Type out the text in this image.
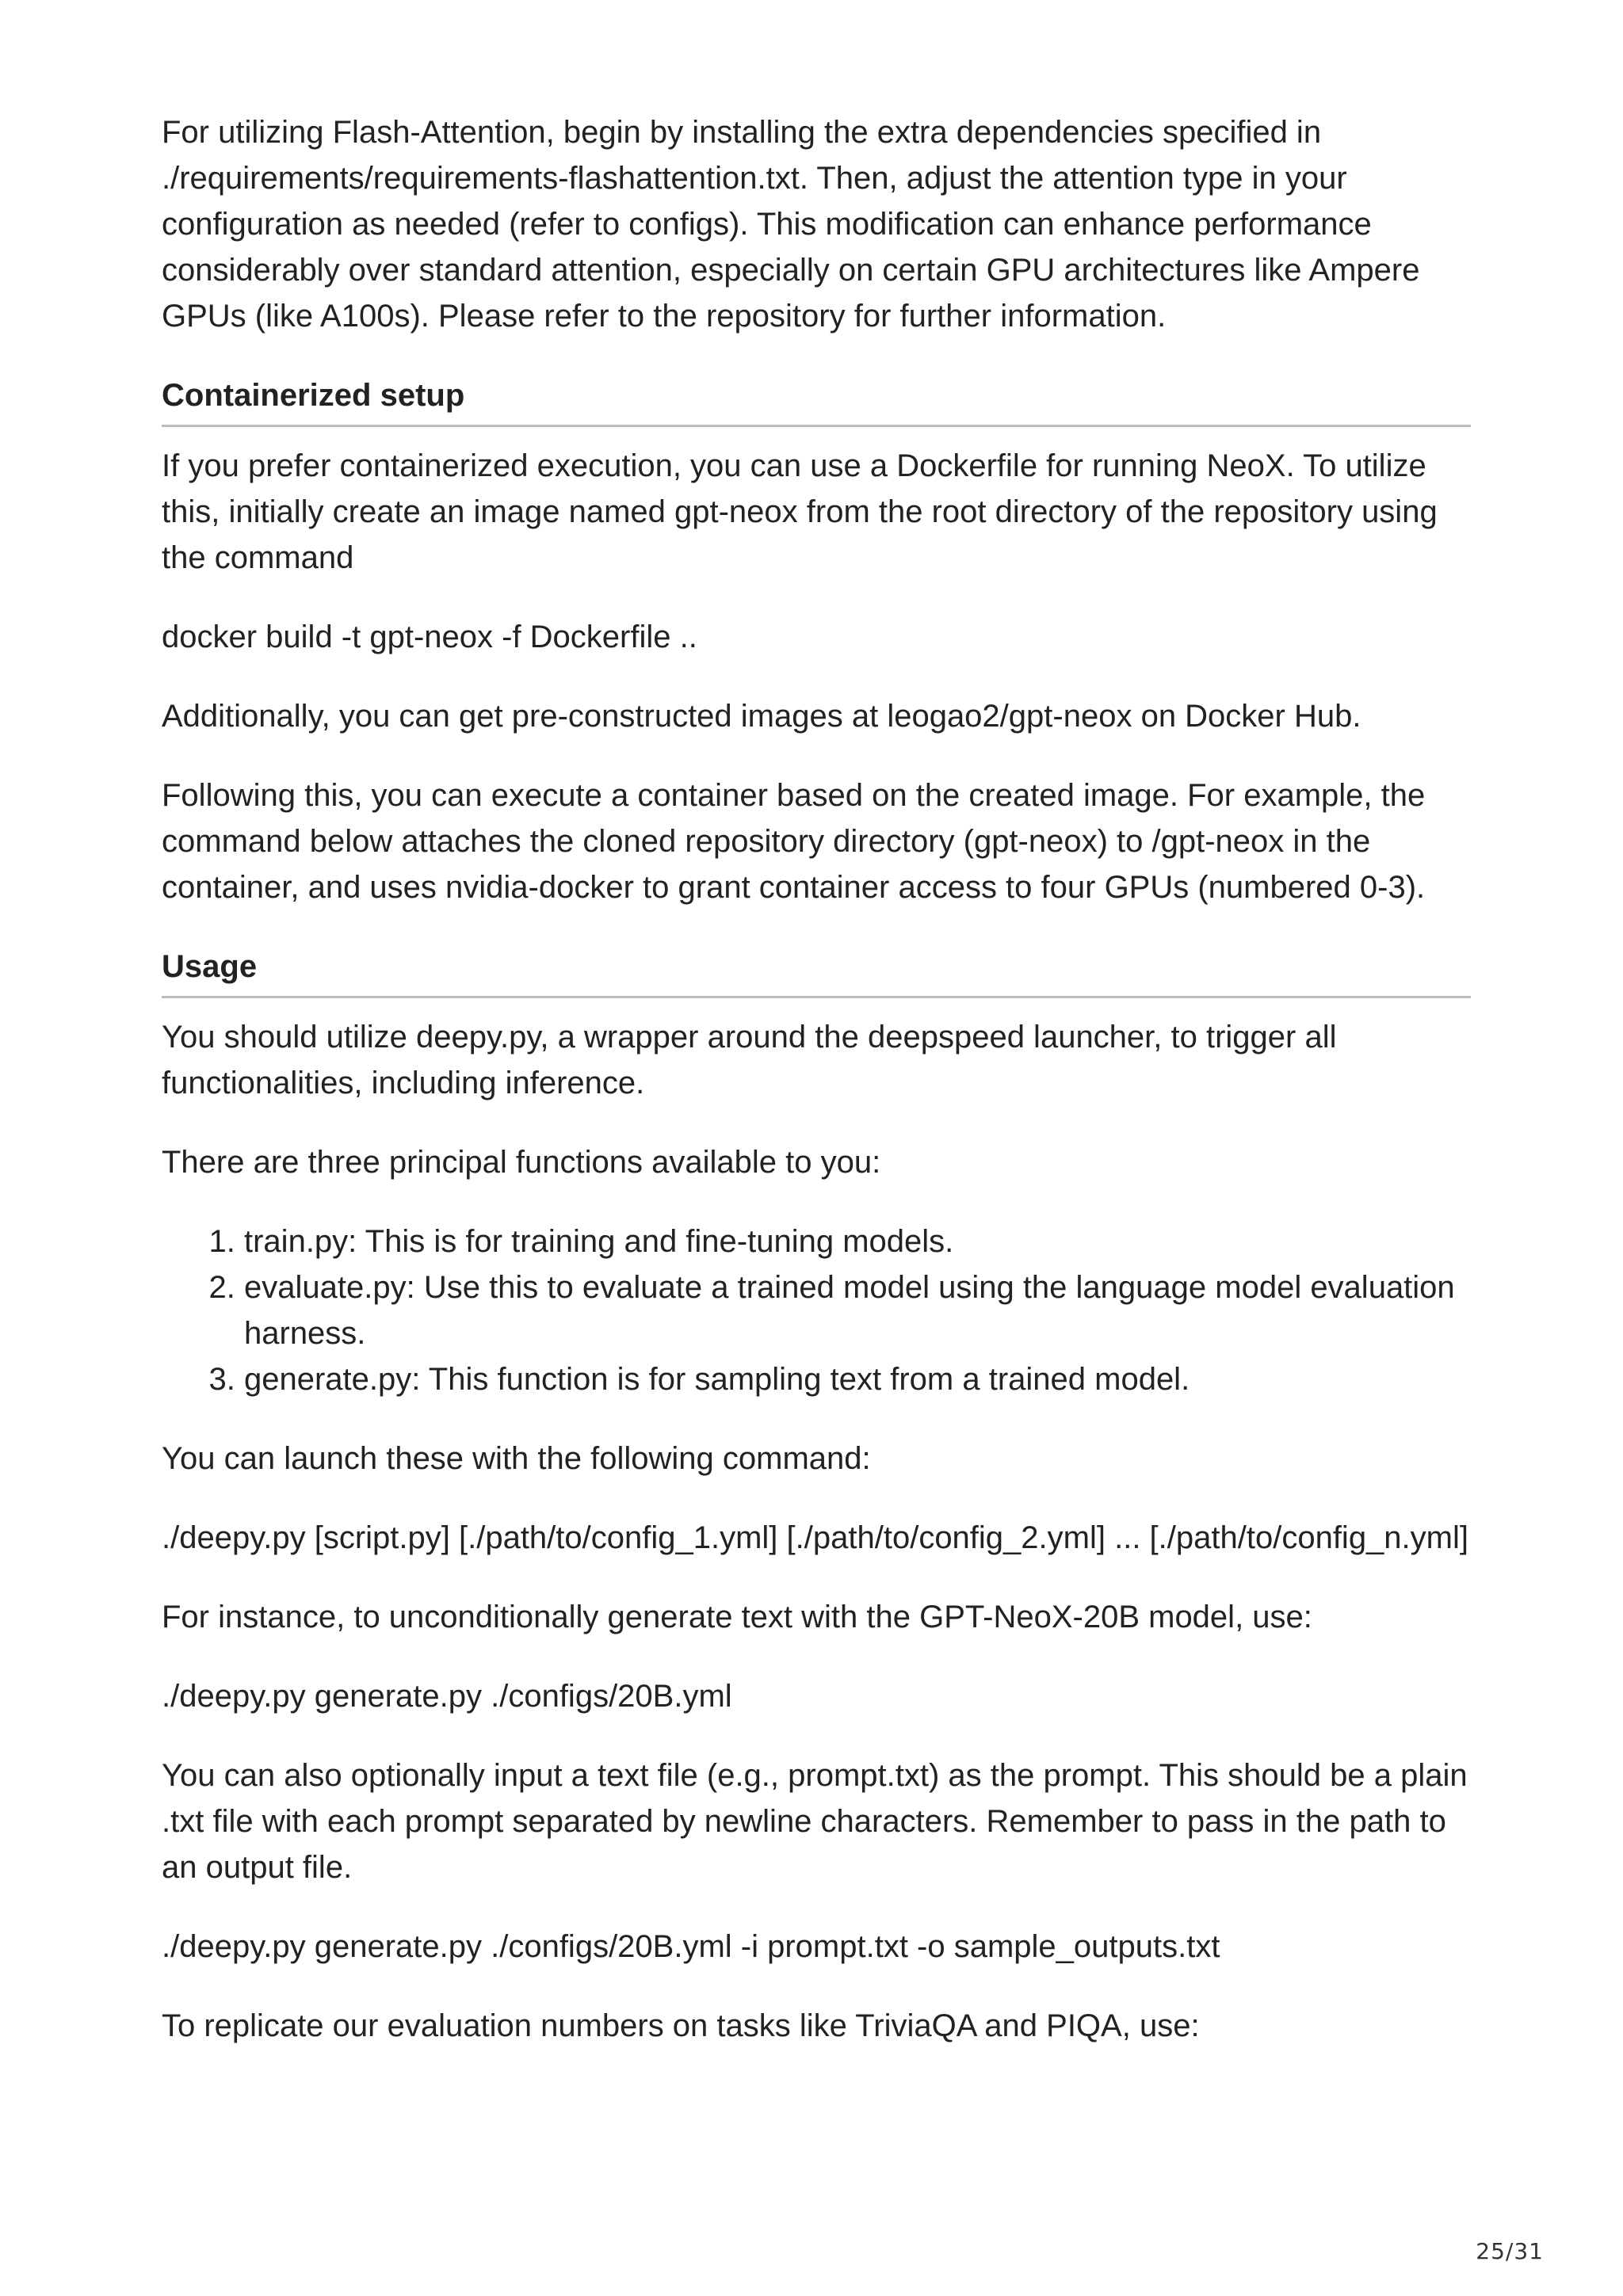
For utilizing Flash-Attention, begin by installing the extra dependencies specified in ./requirements/requirements-flashattention.txt. Then, adjust the attention type in your configuration as needed (refer to configs). This modification can enhance performance considerably over standard attention, especially on certain GPU architectures like Ampere GPUs (like A100s). Please refer to the repository for further information.

Containerized setup

If you prefer containerized execution, you can use a Dockerfile for running NeoX. To utilize this, initially create an image named gpt-neox from the root directory of the repository using the command

docker build -t gpt-neox -f Dockerfile ..

Additionally, you can get pre-constructed images at leogao2/gpt-neox on Docker Hub.

Following this, you can execute a container based on the created image. For example, the command below attaches the cloned repository directory (gpt-neox) to /gpt-neox in the container, and uses nvidia-docker to grant container access to four GPUs (numbered 0-3).

Usage

You should utilize deepy.py, a wrapper around the deepspeed launcher, to trigger all functionalities, including inference.

There are three principal functions available to you:

1. train.py: This is for training and fine-tuning models.
2. evaluate.py: Use this to evaluate a trained model using the language model evaluation harness.
3. generate.py: This function is for sampling text from a trained model.

You can launch these with the following command:

./deepy.py [script.py] [./path/to/config_1.yml] [./path/to/config_2.yml] ... [./path/to/config_n.yml]

For instance, to unconditionally generate text with the GPT-NeoX-20B model, use:

./deepy.py generate.py ./configs/20B.yml

You can also optionally input a text file (e.g., prompt.txt) as the prompt. This should be a plain .txt file with each prompt separated by newline characters. Remember to pass in the path to an output file.

./deepy.py generate.py ./configs/20B.yml -i prompt.txt -o sample_outputs.txt

To replicate our evaluation numbers on tasks like TriviaQA and PIQA, use:

25/31
